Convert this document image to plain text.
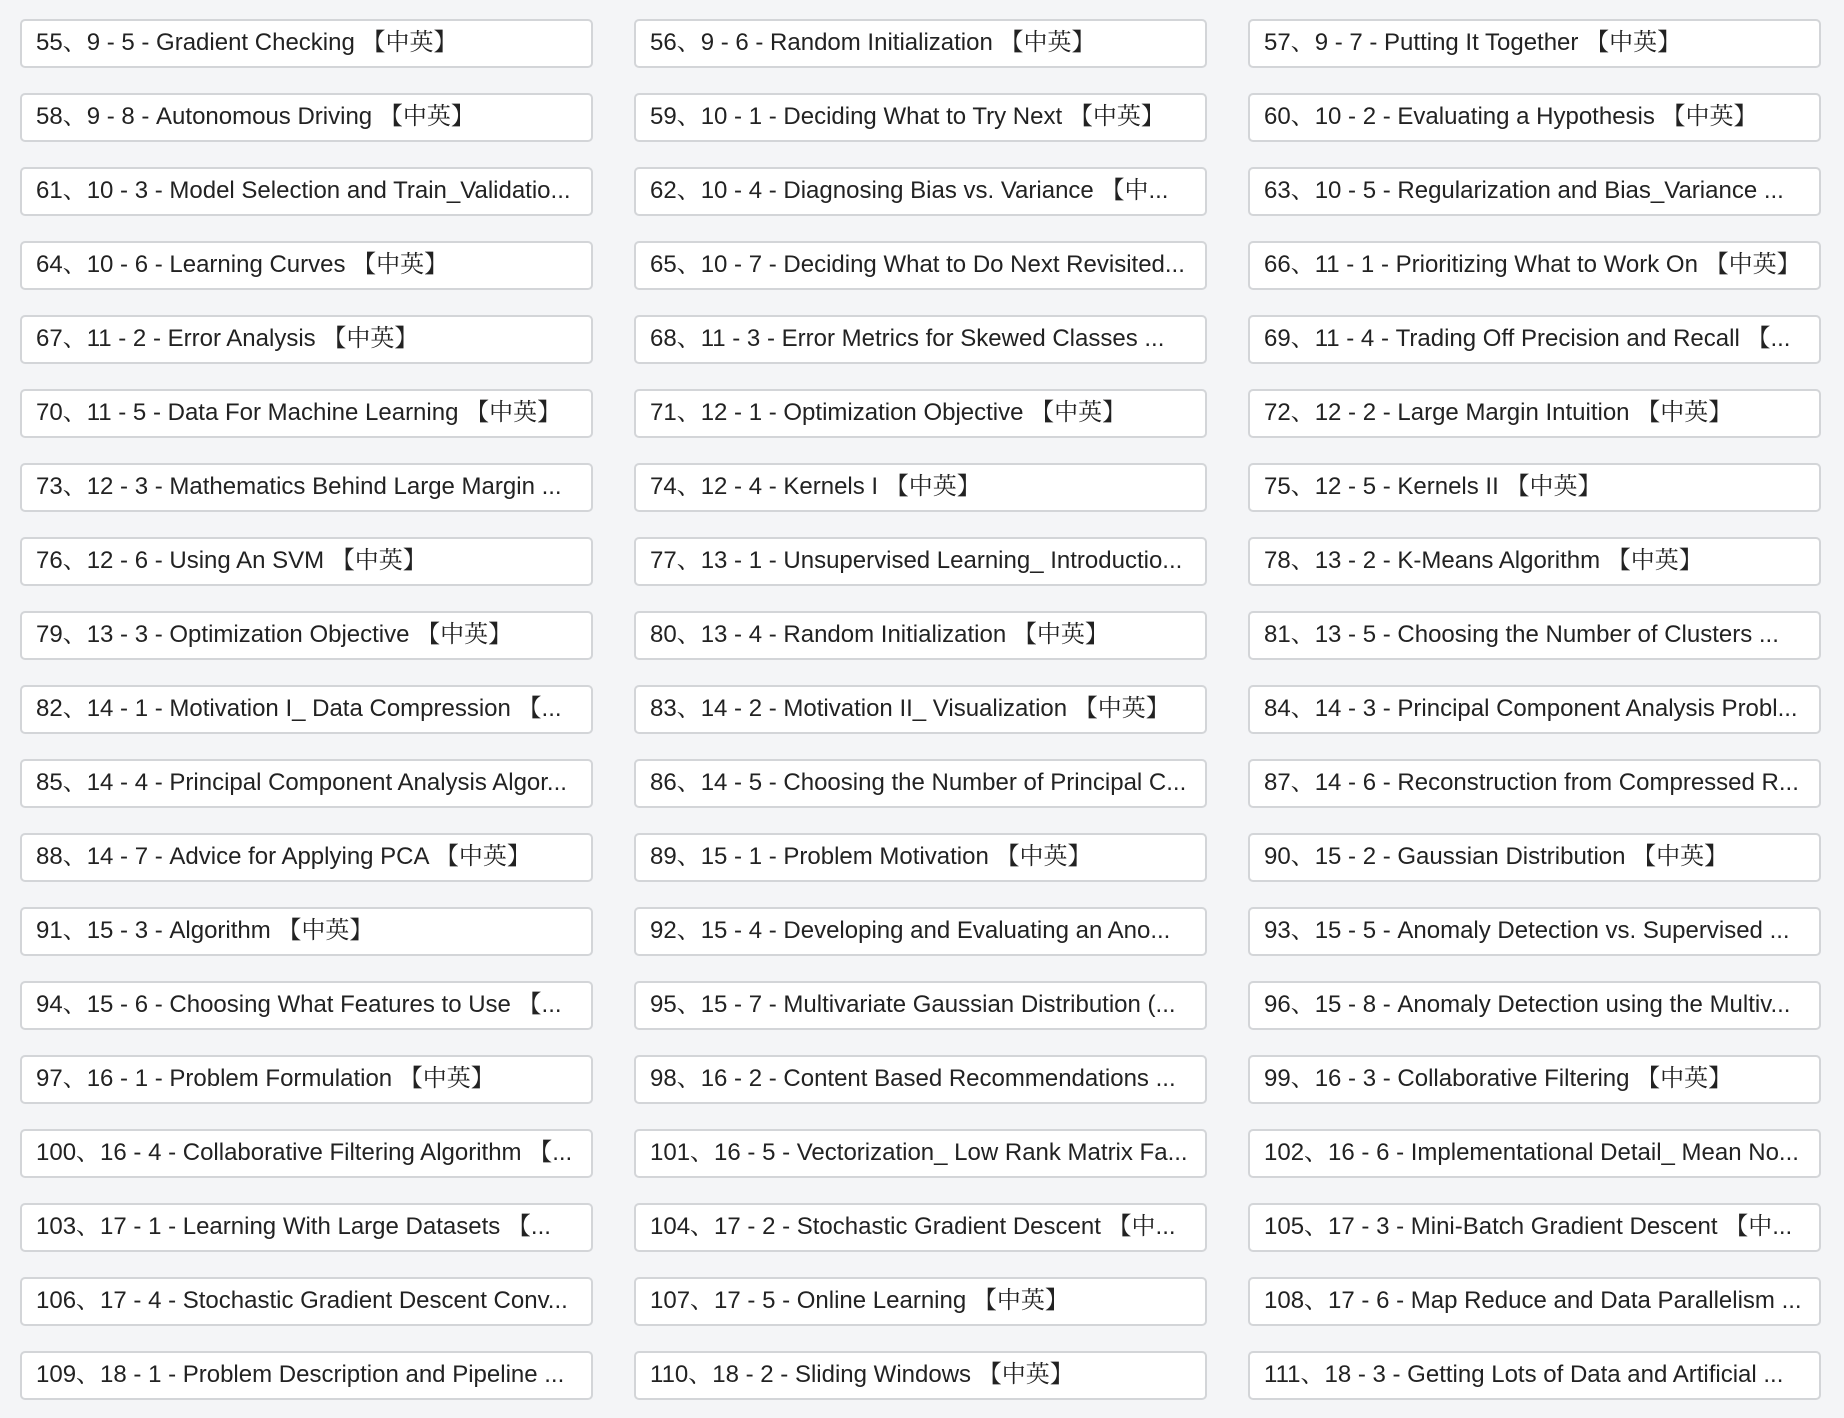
55、9 - 5 - Gradient Checking 【中英】	56、9 - 6 - Random Initialization 【中英】	57、9 - 7 - Putting It Together 【中英】
58、9 - 8 - Autonomous Driving 【中英】	59、10 - 1 - Deciding What to Try Next 【中英】	60、10 - 2 - Evaluating a Hypothesis 【中英】
61、10 - 3 - Model Selection and Train_Validatio...	62、10 - 4 - Diagnosing Bias vs. Variance 【中...	63、10 - 5 - Regularization and Bias_Variance ...
64、10 - 6 - Learning Curves 【中英】	65、10 - 7 - Deciding What to Do Next Revisited...	66、11 - 1 - Prioritizing What to Work On 【中英】
67、11 - 2 - Error Analysis 【中英】	68、11 - 3 - Error Metrics for Skewed Classes ...	69、11 - 4 - Trading Off Precision and Recall 【...
70、11 - 5 - Data For Machine Learning 【中英】	71、12 - 1 - Optimization Objective 【中英】	72、12 - 2 - Large Margin Intuition 【中英】
73、12 - 3 - Mathematics Behind Large Margin ...	74、12 - 4 - Kernels I 【中英】	75、12 - 5 - Kernels II 【中英】
76、12 - 6 - Using An SVM 【中英】	77、13 - 1 - Unsupervised Learning_ Introductio...	78、13 - 2 - K-Means Algorithm 【中英】
79、13 - 3 - Optimization Objective 【中英】	80、13 - 4 - Random Initialization 【中英】	81、13 - 5 - Choosing the Number of Clusters ...
82、14 - 1 - Motivation I_ Data Compression 【...	83、14 - 2 - Motivation II_ Visualization 【中英】	84、14 - 3 - Principal Component Analysis Probl...
85、14 - 4 - Principal Component Analysis Algor...	86、14 - 5 - Choosing the Number of Principal C...	87、14 - 6 - Reconstruction from Compressed R...
88、14 - 7 - Advice for Applying PCA 【中英】	89、15 - 1 - Problem Motivation 【中英】	90、15 - 2 - Gaussian Distribution 【中英】
91、15 - 3 - Algorithm 【中英】	92、15 - 4 - Developing and Evaluating an Ano...	93、15 - 5 - Anomaly Detection vs. Supervised ...
94、15 - 6 - Choosing What Features to Use 【...	95、15 - 7 - Multivariate Gaussian Distribution (...	96、15 - 8 - Anomaly Detection using the Multiv...
97、16 - 1 - Problem Formulation 【中英】	98、16 - 2 - Content Based Recommendations ...	99、16 - 3 - Collaborative Filtering 【中英】
100、16 - 4 - Collaborative Filtering Algorithm 【...	101、16 - 5 - Vectorization_ Low Rank Matrix Fa...	102、16 - 6 - Implementational Detail_ Mean No...
103、17 - 1 - Learning With Large Datasets 【...	104、17 - 2 - Stochastic Gradient Descent 【中...	105、17 - 3 - Mini-Batch Gradient Descent 【中...
106、17 - 4 - Stochastic Gradient Descent Conv...	107、17 - 5 - Online Learning 【中英】	108、17 - 6 - Map Reduce and Data Parallelism ...
109、18 - 1 - Problem Description and Pipeline ...	110、18 - 2 - Sliding Windows 【中英】	111、18 - 3 - Getting Lots of Data and Artificial ...
